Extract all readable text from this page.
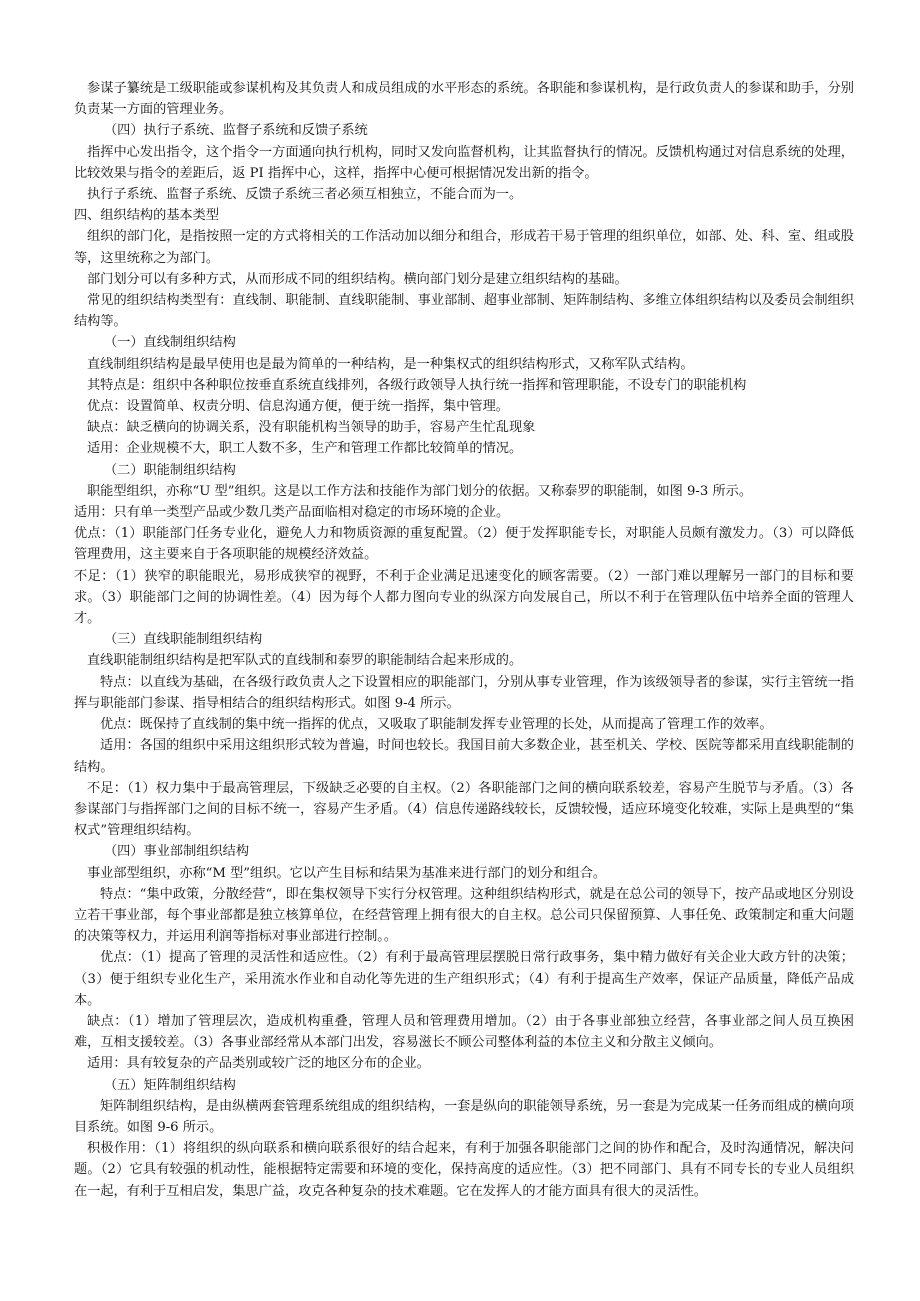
参谋子纂统是工级职能或参谋机构及其负责人和成员组成的水平形态的系统。各职能和参谋机构，是行政负责人的参谋和助手，分别负责某一方面的管理业务。

（四）执行子系统、监督子系统和反馈子系统

指挥中心发出指令，这个指令一方面通向执行机构，同时又发向监督机构，让其监督执行的情况。反馈机构通过对信息系统的处理，比较效果与指令的差距后，返 PI 指挥中心，这样，指挥中心便可根据情况发出新的指令。

执行子系统、监督子系统、反馈子系统三者必须互相独立，不能合而为一。

四、组织结构的基本类型

组织的部门化，是指按照一定的方式将相关的工作活动加以细分和组合，形成若干易于管理的组织单位，如部、处、科、室、组或股等，这里统称之为部门。

部门划分可以有多种方式，从而形成不同的组织结构。横向部门划分是建立组织结构的基础。

常见的组织结构类型有：直线制、职能制、直线职能制、事业部制、超事业部制、矩阵制结构、多维立体组织结构以及委员会制组织结构等。

（一）直线制组织结构

直线制组织结构是最早使用也是最为简单的一种结构，是一种集权式的组织结构形式，又称军队式结构。

其特点是：组织中各种职位按垂直系统直线排列，各级行政领导人执行统一指挥和管理职能，不设专门的职能机构

优点：设置简单、权责分明、信息沟通方便，便于统一指挥，集中管理。

缺点：缺乏横向的协调关系，没有职能机构当领导的助手，容易产生忙乱现象

适用：企业规模不大，职工人数不多，生产和管理工作都比较简单的情况。

（二）职能制组织结构

职能型组织，亦称“U 型”组织。这是以工作方法和技能作为部门划分的依据。又称泰罗的职能制，如图 9-3 所示。

适用：只有单一类型产品或少数几类产品面临相对稳定的市场环境的企业。

优点：（1）职能部门任务专业化，避免人力和物质资源的重复配置。（2）便于发挥职能专长，对职能人员颇有激发力。（3）可以降低管理费用，这主要来自于各项职能的规模经济效益。

不足：（1）狭窄的职能眼光，易形成狭窄的视野，不利于企业满足迅速变化的顾客需要。（2）一部门难以理解另一部门的目标和要求。（3）职能部门之间的协调性差。（4）因为每个人都力图向专业的纵深方向发展自己，所以不利于在管理队伍中培养全面的管理人才。

（三）直线职能制组织结构

直线职能制组织结构是把军队式的直线制和泰罗的职能制结合起来形成的。

特点：以直线为基础，在各级行政负责人之下设置相应的职能部门，分别从事专业管理，作为该级领导者的参谋，实行主管统一指挥与职能部门参谋、指导相结合的组织结构形式。如图 9-4 所示。

优点：既保持了直线制的集中统一指挥的优点，又吸取了职能制发挥专业管理的长处，从而提高了管理工作的效率。

适用：各国的组织中采用这组织形式较为普遍，时间也较长。我国目前大多数企业，甚至机关、学校、医院等都采用直线职能制的结构。

不足：（1）权力集中于最高管理层，下级缺乏必要的自主权。（2）各职能部门之间的横向联系较差，容易产生脱节与矛盾。（3）各参谋部门与指挥部门之间的目标不统一，容易产生矛盾。（4）信息传递路线较长，反馈较慢，适应环境变化较难，实际上是典型的“集权式”管理组织结构。

（四）事业部制组织结构

事业部型组织，亦称“M 型”组织。它以产生目标和结果为基准来进行部门的划分和组合。

特点：“集中政策，分散经营“，即在集权领导下实行分权管理。这种组织结构形式，就是在总公司的领导下，按产品或地区分别设立若干事业部，每个事业部都是独立核算单位，在经营管理上拥有很大的自主权。总公司只保留预算、人事任免、政策制定和重大问题的决策等权力，并运用利润等指标对事业部进行控制。。

优点：（1）提高了管理的灵活性和适应性。（2）有利于最高管理层摆脱日常行政事务，集中精力做好有关企业大政方针的决策；（3）便于组织专业化生产，采用流水作业和自动化等先进的生产组织形式；（4）有利于提高生产效率，保证产品质量，降低产品成本。

缺点：（1）增加了管理层次，造成机构重叠，管理人员和管理费用增加。（2）由于各事业部独立经营，各事业部之间人员互换困难，互相支援较差。（3）各事业部经常从本部门出发，容易滋长不顾公司整体利益的本位主义和分散主义倾向。

适用：具有较复杂的产品类别或较广泛的地区分布的企业。

（五）矩阵制组织结构

矩阵制组织结构，是由纵横两套管理系统组成的组织结构，一套是纵向的职能领导系统，另一套是为完成某一任务而组成的横向项目系统。如图 9-6 所示。

积极作用：（1）将组织的纵向联系和横向联系很好的结合起来，有利于加强各职能部门之间的协作和配合，及时沟通情况，解决问题。（2）它具有较强的机动性，能根据特定需要和环境的变化，保持高度的适应性。（3）把不同部门、具有不同专长的专业人员组织在一起，有利于互相启发，集思广益，攻克各种复杂的技术难题。它在发挥人的才能方面具有很大的灵活性。
